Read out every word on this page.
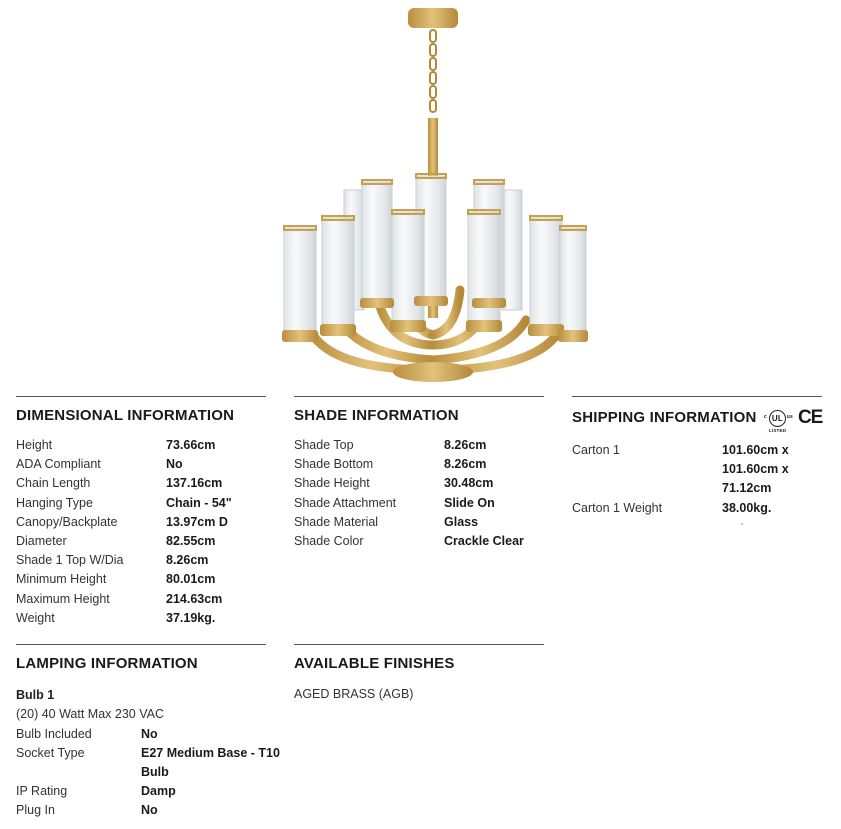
DIMENSIONAL INFORMATION
Height	73.66cm
ADA Compliant	No
Chain Length	137.16cm
Hanging Type	Chain - 54"
Canopy/Backplate	13.97cm D
Diameter	82.55cm
Shade 1 Top W/Dia	8.26cm
Minimum Height	80.01cm
Maximum Height	214.63cm
Weight	37.19kg.
SHADE INFORMATION
Shade Top	8.26cm
Shade Bottom	8.26cm
Shade Height	30.48cm
Shade Attachment	Slide On
Shade Material	Glass
Shade Color	Crackle Clear
SHIPPING INFORMATION c UL us
LISTED
CE
Carton 1	101.60cm x
101.60cm x
71.12cm
Carton 1 Weight	38.00kg.
-
LAMPING INFORMATION
Bulb 1
(20) 40 Watt Max 230 VAC
Bulb Included	No
Socket Type	E27 Medium Base - T10
Bulb
IP Rating	Damp
Plug In	No
AVAILABLE FINISHES
AGED BRASS (AGB)
